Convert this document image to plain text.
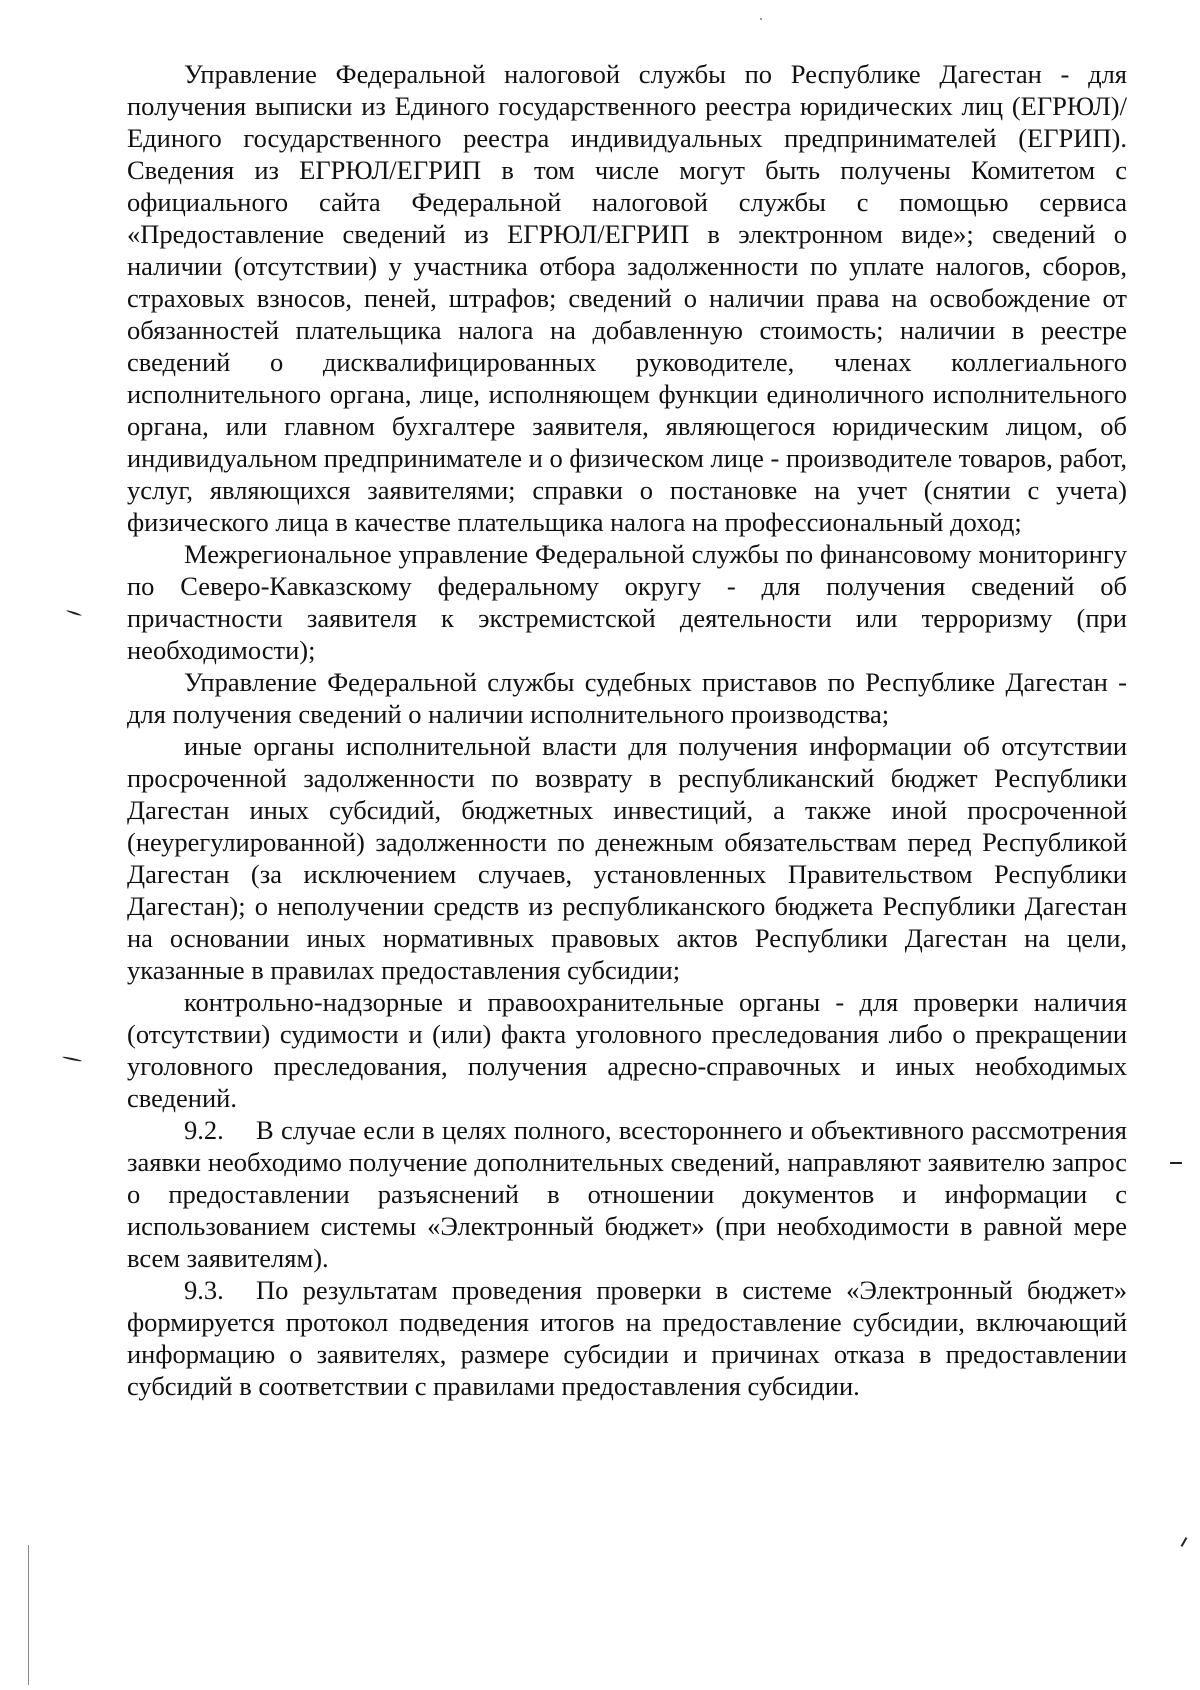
Управление Федеральной налоговой службы по Республике Дагестан - для получения выписки из Единого государственного реестра юридических лиц (ЕГРЮЛ)/Единого государственного реестра индивидуальных предпринимателей (ЕГРИП). Сведения из ЕГРЮЛ/ЕГРИП в том числе могут быть получены Комитетом с официального сайта Федеральной налоговой службы с помощью сервиса «Предоставление сведений из ЕГРЮЛ/ЕГРИП в электронном виде»; сведений о наличии (отсутствии) у участника отбора задолженности по уплате налогов, сборов, страховых взносов, пеней, штрафов; сведений о наличии права на освобождение от обязанностей плательщика налога на добавленную стоимость; наличии в реестре сведений о дисквалифицированных руководителе, членах коллегиального исполнительного органа, лице, исполняющем функции единоличного исполнительного органа, или главном бухгалтере заявителя, являющегося юридическим лицом, об индивидуальном предпринимателе и о физическом лице - производителе товаров, работ, услуг, являющихся заявителями; справки о постановке на учет (снятии с учета) физического лица в качестве плательщика налога на профессиональный доход;

Межрегиональное управление Федеральной службы по финансовому мониторингу по Северо-Кавказскому федеральному округу - для получения сведений об причастности заявителя к экстремистской деятельности или терроризму (при необходимости);

Управление Федеральной службы судебных приставов по Республике Дагестан - для получения сведений о наличии исполнительного производства;

иные органы исполнительной власти для получения информации об отсутствии просроченной задолженности по возврату в республиканский бюджет Республики Дагестан иных субсидий, бюджетных инвестиций, а также иной просроченной (неурегулированной) задолженности по денежным обязательствам перед Республикой Дагестан (за исключением случаев, установленных Правительством Республики Дагестан); о неполучении средств из республиканского бюджета Республики Дагестан на основании иных нормативных правовых актов Республики Дагестан на цели, указанные в правилах предоставления субсидии;

контрольно-надзорные и правоохранительные органы - для проверки наличия (отсутствии) судимости и (или) факта уголовного преследования либо о прекращении уголовного преследования, получения адресно-справочных и иных необходимых сведений.

9.2. В случае если в целях полного, всестороннего и объективного рассмотрения заявки необходимо получение дополнительных сведений, направляют заявителю запрос о предоставлении разъяснений в отношении документов и информации с использованием системы «Электронный бюджет» (при необходимости в равной мере всем заявителям).

9.3. По результатам проведения проверки в системе «Электронный бюджет» формируется протокол подведения итогов на предоставление субсидии, включающий информацию о заявителях, размере субсидии и причинах отказа в предоставлении субсидий в соответствии с правилами предоставления субсидии.
